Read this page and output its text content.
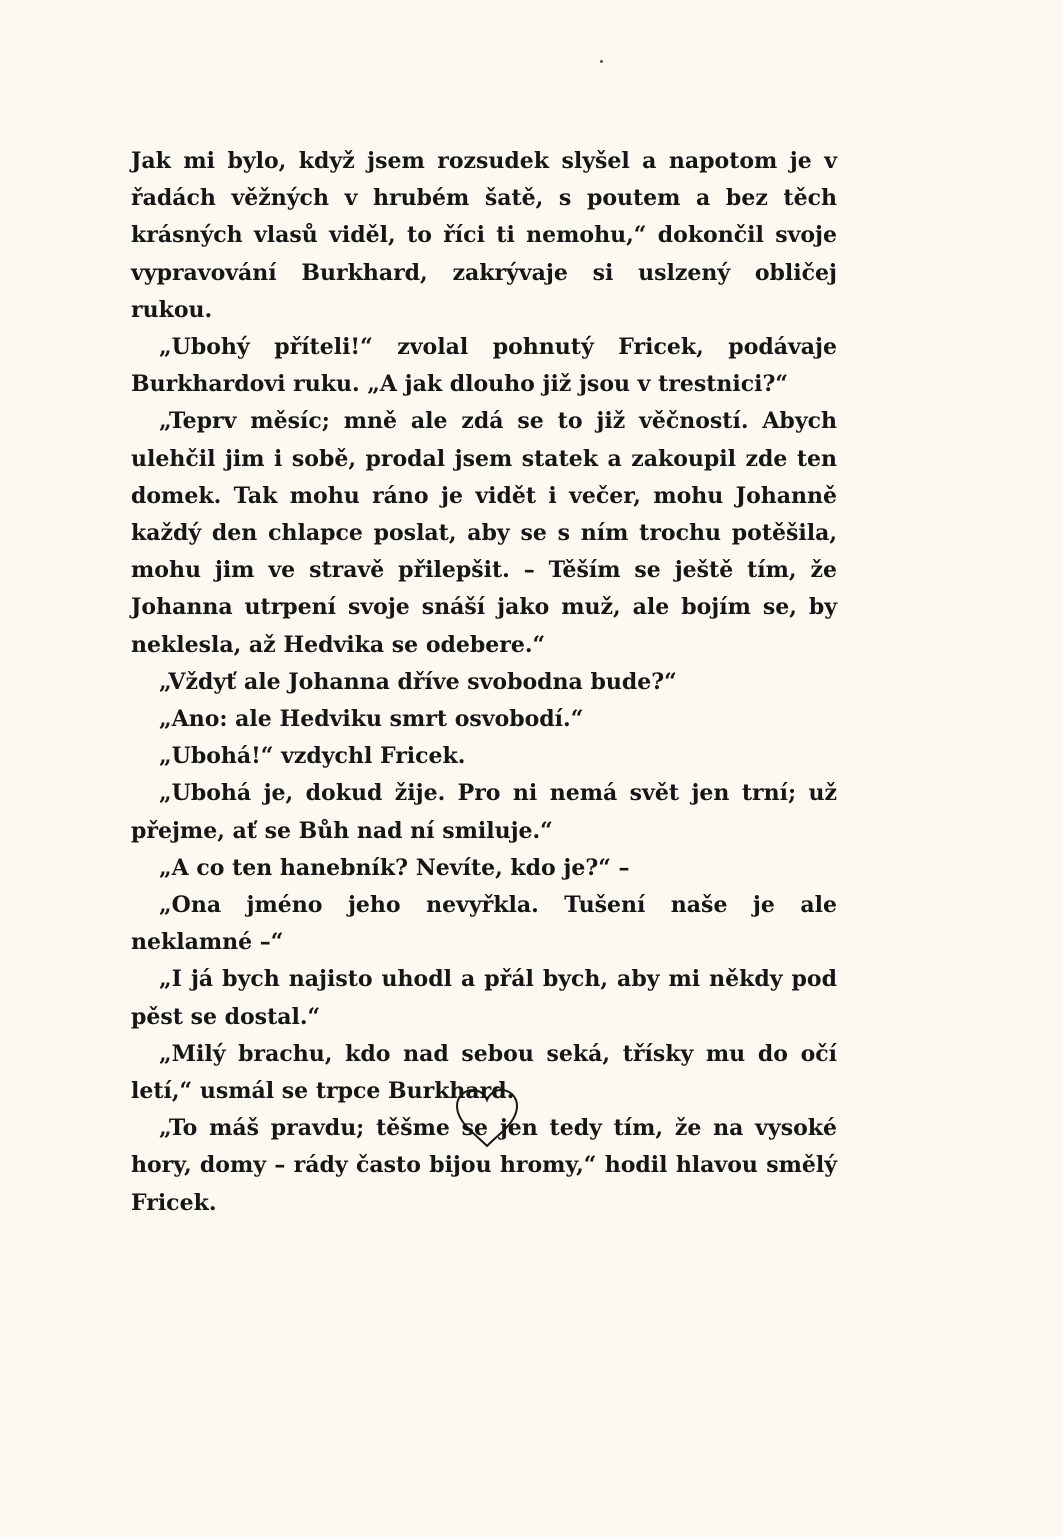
Jak mi bylo, když jsem rozsudek slyšel a napotom je v řadách věžných v hrubém šatě, s poutem a bez těch krásných vlasů viděl, to říci ti nemohu,“ dokončil svoje vypravování Burkhard, zakrývaje si uslzený obličej rukou.

„Ubohý příteli!“ zvolal pohnutý Fricek, podávaje Burkhardovi ruku. „A jak dlouho již jsou v trestnici?“

„Teprv měsíc; mně ale zdá se to již věčností. Abych ulehčil jim i sobě, prodal jsem statek a zakoupil zde ten domek. Tak mohu ráno je vidět i večer, mohu Johanně každý den chlapce poslat, aby se s ním trochu potěšila, mohu jim ve stravě přilepšit. – Těším se ještě tím, že Johanna utrpení svoje snáší jako muž, ale bojím se, by neklesla, až Hedvika se odebere.“

„Vždyť ale Johanna dříve svobodna bude?“

„Ano: ale Hedviku smrt osvobodí.“

„Ubohá!“ vzdychl Fricek.

„Ubohá je, dokud žije. Pro ni nemá svět jen trní; už přejme, ať se Bůh nad ní smiluje.“

„A co ten hanebník? Nevíte, kdo je?“ –

„Ona jméno jeho nevyřkla. Tušení naše je ale neklamné –“

„I já bych najisto uhodl a přál bych, aby mi někdy pod pěst se dostal.“

„Milý brachu, kdo nad sebou seká, třísky mu do očí letí,“ usmál se trpce Burkhard.

„To máš pravdu; těšme se jen tedy tím, že na vysoké hory, domy – rády často bijou hromy,“ hodil hlavou smělý Fricek.
